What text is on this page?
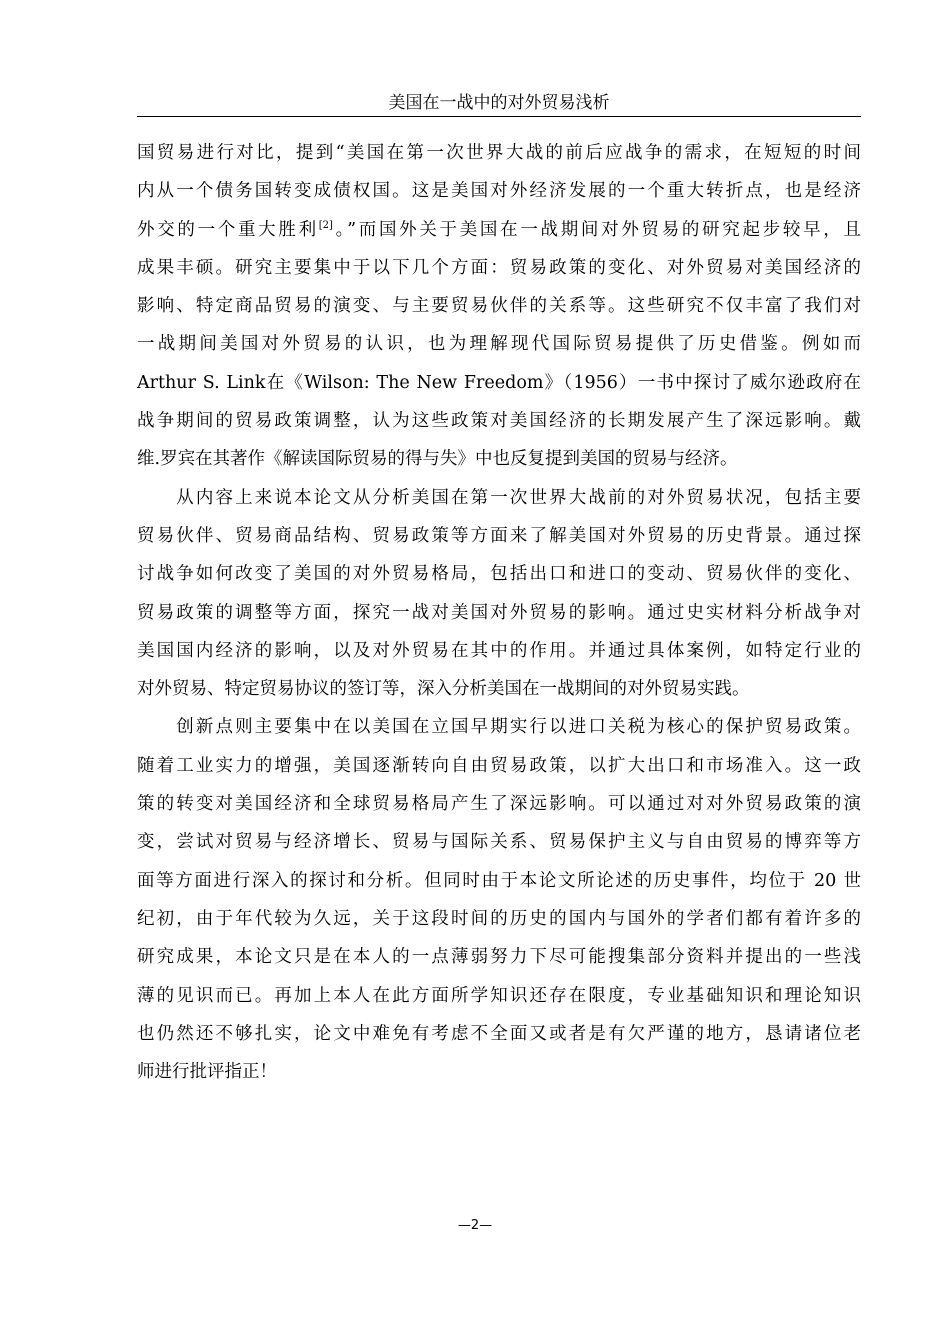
美国在一战中的对外贸易浅析
国贸易进行对比，提到“美国在第一次世界大战的前后应战争的需求，在短短的时间
内从一个债务国转变成债权国。这是美国对外经济发展的一个重大转折点，也是经济
外交的一个重大胜利[2]。”而国外关于美国在一战期间对外贸易的研究起步较早，且
成果丰硕。研究主要集中于以下几个方面：贸易政策的变化、对外贸易对美国经济的
影响、特定商品贸易的演变、与主要贸易伙伴的关系等。这些研究不仅丰富了我们对
一战期间美国对外贸易的认识，也为理解现代国际贸易提供了历史借鉴。例如而
Arthur S. Link在《Wilson: The New Freedom》（1956）一书中探讨了威尔逊政府在
战争期间的贸易政策调整，认为这些政策对美国经济的长期发展产生了深远影响。戴
维.罗宾在其著作《解读国际贸易的得与失》中也反复提到美国的贸易与经济。
　　从内容上来说本论文从分析美国在第一次世界大战前的对外贸易状况，包括主要
贸易伙伴、贸易商品结构、贸易政策等方面来了解美国对外贸易的历史背景。通过探
讨战争如何改变了美国的对外贸易格局，包括出口和进口的变动、贸易伙伴的变化、
贸易政策的调整等方面，探究一战对美国对外贸易的影响。通过史实材料分析战争对
美国国内经济的影响，以及对外贸易在其中的作用。并通过具体案例，如特定行业的
对外贸易、特定贸易协议的签订等，深入分析美国在一战期间的对外贸易实践。
　　创新点则主要集中在以美国在立国早期实行以进口关税为核心的保护贸易政策。
随着工业实力的增强，美国逐渐转向自由贸易政策，以扩大出口和市场准入。这一政
策的转变对美国经济和全球贸易格局产生了深远影响。可以通过对对外贸易政策的演
变，尝试对贸易与经济增长、贸易与国际关系、贸易保护主义与自由贸易的博弈等方
面等方面进行深入的探讨和分析。但同时由于本论文所论述的历史事件，均位于 20 世
纪初，由于年代较为久远，关于这段时间的历史的国内与国外的学者们都有着许多的
研究成果，本论文只是在本人的一点薄弱努力下尽可能搜集部分资料并提出的一些浅
薄的见识而已。再加上本人在此方面所学知识还存在限度，专业基础知识和理论知识
也仍然还不够扎实，论文中难免有考虑不全面又或者是有欠严谨的地方，恳请诸位老
师进行批评指正！
—2—
